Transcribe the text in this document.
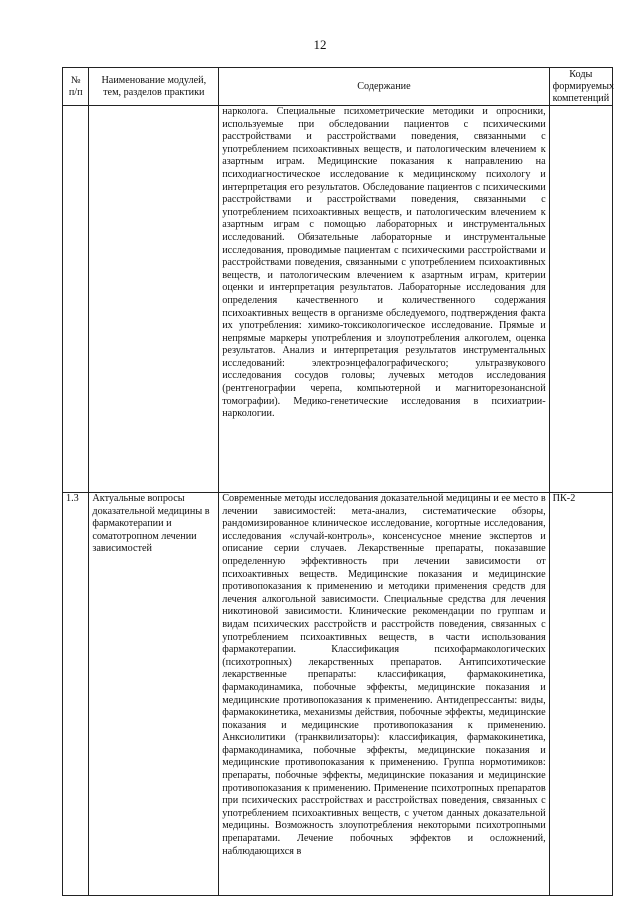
12
№ п/п	Наименование модулей, тем, разделов практики	Содержание	Коды формируемых компетенций
		нарколога. Специальные психометрические методики и опросники, используемые при обследовании пациентов с психическими расстройствами и расстройствами поведения, связанными с употреблением психоактивных веществ, и патологическим влечением к азартным играм. Медицинские показания к направлению на психодиагностическое исследование к медицинскому психологу и интерпретация его результатов. Обследование пациентов с психическими расстройствами и расстройствами поведения, связанными с употреблением психоактивных веществ, и патологическим влечением к азартным играм с помощью лабораторных и инструментальных исследований. Обязательные лабораторные и инструментальные исследования, проводимые пациентам с психическими расстройствами и расстройствами поведения, связанными с употреблением психоактивных веществ, и патологическим влечением к азартным играм, критерии оценки и интерпретация результатов. Лабораторные исследования для определения качественного и количественного содержания психоактивных веществ в организме обследуемого, подтверждения факта их употребления: химико-токсикологическое исследование. Прямые и непрямые маркеры употребления и злоупотребления алкоголем, оценка результатов. Анализ и интерпретация результатов инструментальных исследований: электроэнцефалографического; ультразвукового исследования сосудов головы; лучевых методов исследования (рентгенографии черепа, компьютерной и магниторезонансной томографии). Медико-генетические исследования в психиатрии-наркологии.	
1.3	Актуальные вопросы доказательной медицины в фармакотерапии и соматотропном лечении зависимостей	Современные методы исследования доказательной медицины и ее место в лечении зависимостей: мета-анализ, систематические обзоры, рандомизированное клиническое исследование, когортные исследования, исследования «случай-контроль», консенсусное мнение экспертов и описание серии случаев. Лекарственные препараты, показавшие определенную эффективность при лечении зависимости от психоактивных веществ. Медицинские показания и медицинские противопоказания к применению и методики применения средств для лечения алкогольной зависимости. Специальные средства для лечения никотиновой зависимости. Клинические рекомендации по группам и видам психических расстройств и расстройств поведения, связанных с употреблением психоактивных веществ, в части использования фармакотерапии. Классификация психофармакологических (психотропных) лекарственных препаратов. Антипсихотические лекарственные препараты: классификация, фармакокинетика, фармакодинамика, побочные эффекты, медицинские показания и медицинские противопоказания к применению. Антидепрессанты: виды, фармакокинетика, механизмы действия, побочные эффекты, медицинские показания и медицинские противопоказания к применению. Анксиолитики (транквилизаторы): классификация, фармакокинетика, фармакодинамика, побочные эффекты, медицинские показания и медицинские противопоказания к применению. Группа нормотимиков: препараты, побочные эффекты, медицинские показания и медицинские противопоказания к применению. Применение психотропных препаратов при психических расстройствах и расстройствах поведения, связанных с употреблением психоактивных веществ, с учетом данных доказательной медицины. Возможность злоупотребления некоторыми психотропными препаратами. Лечение побочных эффектов и осложнений, наблюдающихся в	ПК-2
